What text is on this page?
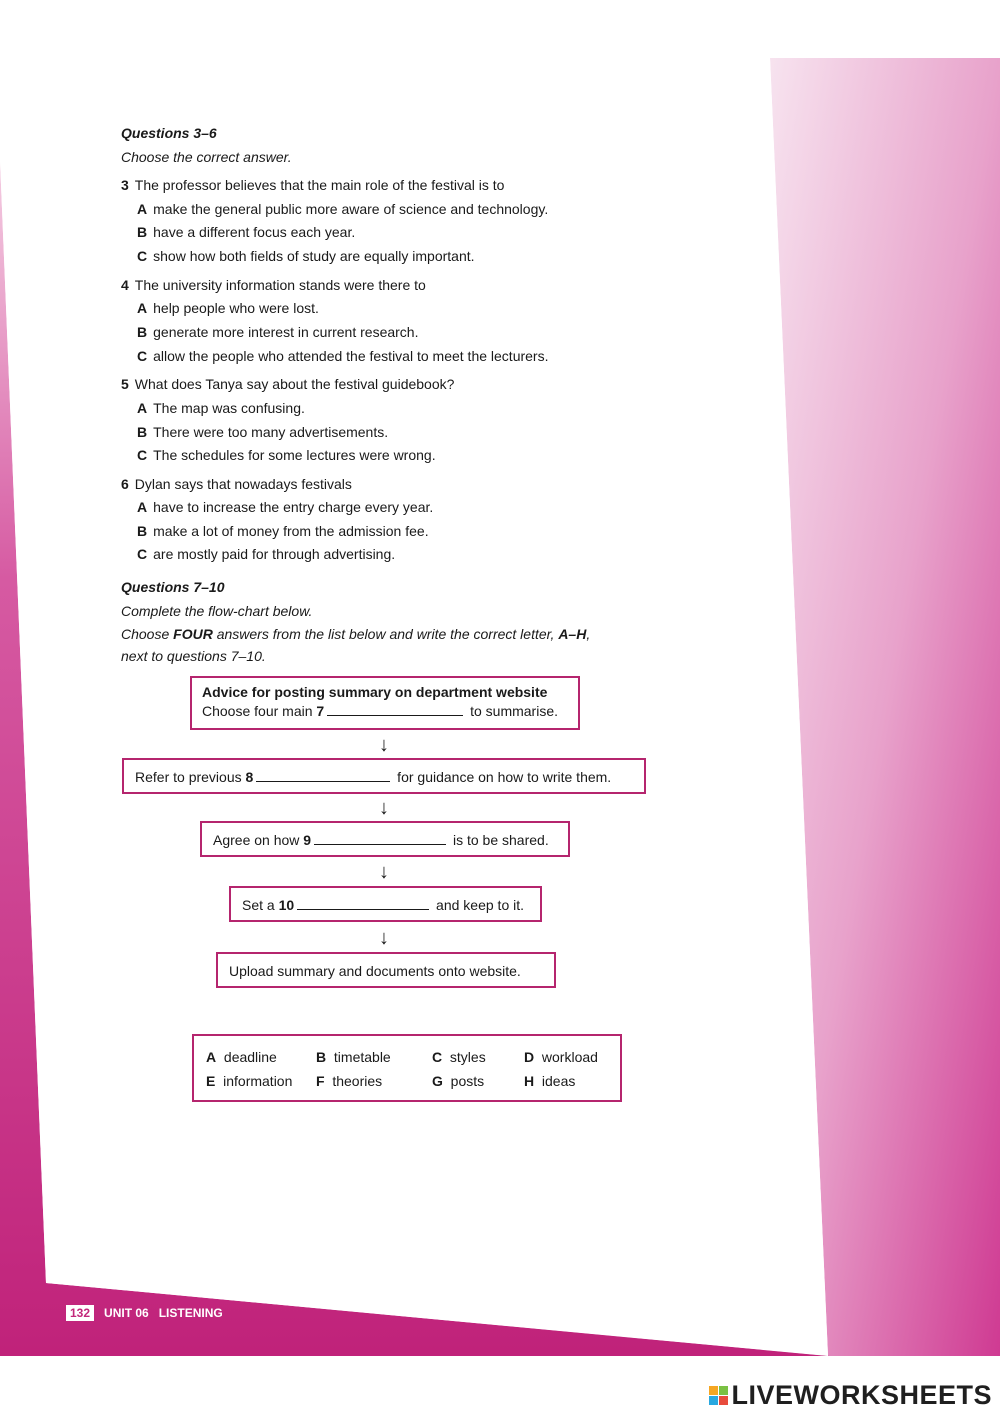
Questions 3–6
Choose the correct answer.
3 The professor believes that the main role of the festival is to
A make the general public more aware of science and technology.
B have a different focus each year.
C show how both fields of study are equally important.
4 The university information stands were there to
A help people who were lost.
B generate more interest in current research.
C allow the people who attended the festival to meet the lecturers.
5 What does Tanya say about the festival guidebook?
A The map was confusing.
B There were too many advertisements.
C The schedules for some lectures were wrong.
6 Dylan says that nowadays festivals
A have to increase the entry charge every year.
B make a lot of money from the admission fee.
C are mostly paid for through advertising.
Questions 7–10
Complete the flow-chart below.
Choose FOUR answers from the list below and write the correct letter, A–H,
next to questions 7–10.
Advice for posting summary on department website
Choose four main 7	to summarise.
↓
Refer to previous 8	for guidance on how to write them.
↓
Agree on how 9	is to be shared.
↓
Set a 10	and keep to it.
↓
Upload summary and documents onto website.
A deadline	B timetable	C styles	D workload
E information F theories	G posts	H ideas
132	UNIT 06 LISTENING
LIVEWORKSHEETS
